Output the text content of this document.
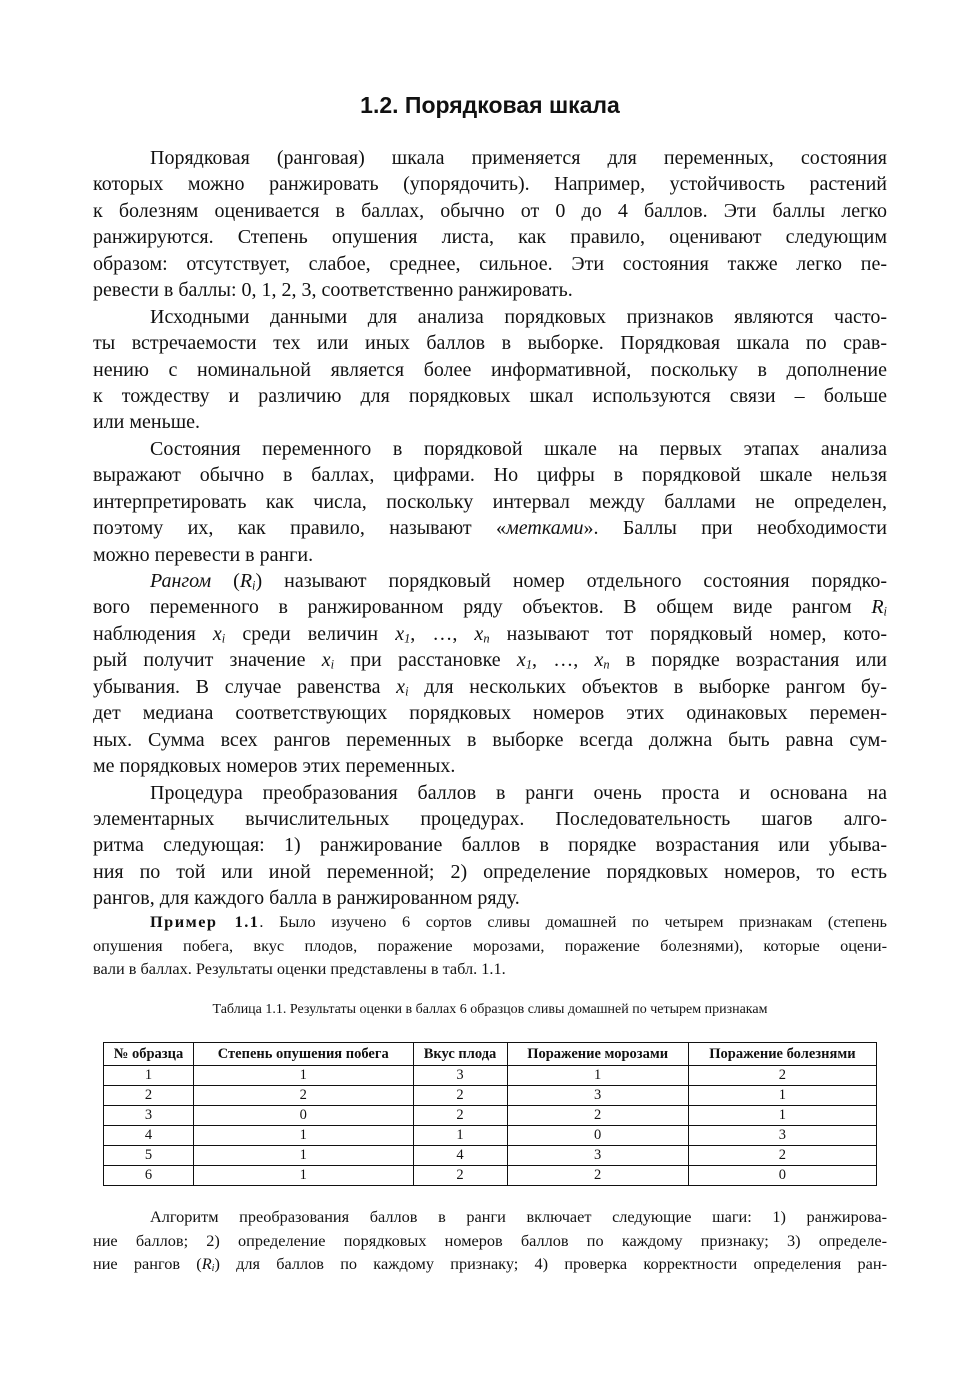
1.2. Порядковая шкала
Порядковая (ранговая) шкала применяется для переменных, состояния
которых можно ранжировать (упорядочить). Например, устойчивость растений
к болезням оценивается в баллах, обычно от 0 до 4 баллов. Эти баллы легко
ранжируются. Степень опушения листа, как правило, оценивают следующим
образом: отсутствует, слабое, среднее, сильное. Эти состояния также легко пе-
ревести в баллы: 0, 1, 2, 3, соответственно ранжировать.
Исходными данными для анализа порядковых признаков являются часто-
ты встречаемости тех или иных баллов в выборке. Порядковая шкала по срав-
нению с номинальной является более информативной, поскольку в дополнение
к тождеству и различию для порядковых шкал используются связи – больше
или меньше.
Состояния переменного в порядковой шкале на первых этапах анализа
выражают обычно в баллах, цифрами. Но цифры в порядковой шкале нельзя
интерпретировать как числа, поскольку интервал между баллами не определен,
поэтому их, как правило, называют «метками». Баллы при необходимости
можно перевести в ранги.
Рангом (Ri) называют порядковый номер отдельного состояния порядко-
вого переменного в ранжированном ряду объектов. В общем виде рангом Ri
наблюдения xi среди величин x1, …, xn называют тот порядковый номер, кото-
рый получит значение xi при расстановке x1, …, xn в порядке возрастания или
убывания. В случае равенства xi для нескольких объектов в выборке рангом бу-
дет медиана соответствующих порядковых номеров этих одинаковых перемен-
ных. Сумма всех рангов переменных в выборке всегда должна быть равна сум-
ме порядковых номеров этих переменных.
Процедура преобразования баллов в ранги очень проста и основана на
элементарных вычислительных процедурах. Последовательность шагов алго-
ритма следующая: 1) ранжирование баллов в порядке возрастания или убыва-
ния по той или иной переменной; 2) определение порядковых номеров, то есть
рангов, для каждого балла в ранжированном ряду.
Пример 1.1. Было изучено 6 сортов сливы домашней по четырем признакам (степень
опушения побега, вкус плодов, поражение морозами, поражение болезнями), которые оцени-
вали в баллах. Результаты оценки представлены в табл. 1.1.
Таблица 1.1. Результаты оценки в баллах 6 образцов сливы домашней по четырем признакам
№ образца	Степень опушения побега	Вкус плода	Поражение морозами	Поражение болезнями
1	1	3	1	2
2	2	2	3	1
3	0	2	2	1
4	1	1	0	3
5	1	4	3	2
6	1	2	2	0
Алгоритм преобразования баллов в ранги включает следующие шаги: 1) ранжирова-
ние баллов; 2) определение порядковых номеров баллов по каждому признаку; 3) определе-
ние рангов $(R_i)$ для баллов по каждому признаку; 4) проверка корректности определения ран-
